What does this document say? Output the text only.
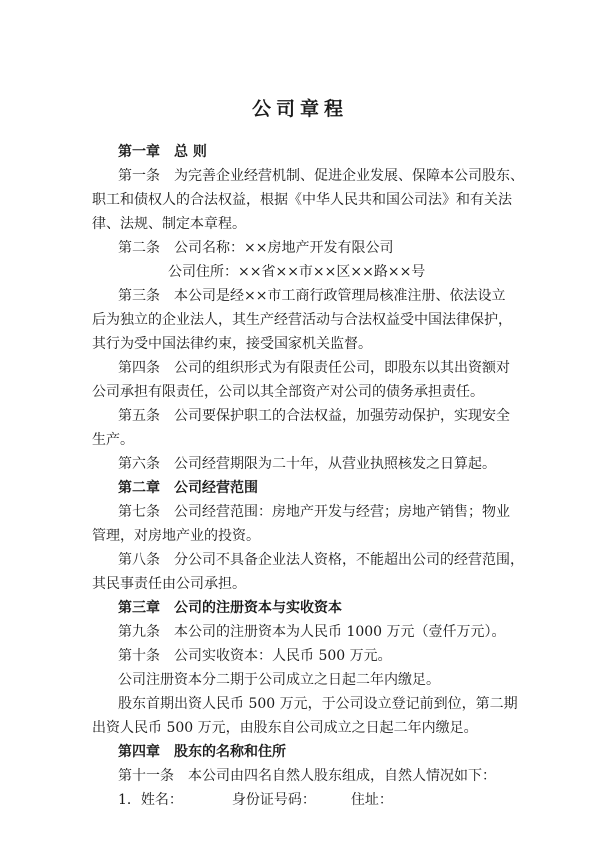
公司章程
第一章　总 则
第一条　为完善企业经营机制、促进企业发展、保障本公司股东、
职工和债权人的合法权益，根据《中华人民共和国公司法》和有关法
律、法规、制定本章程。
第二条　公司名称：××房地产开发有限公司
公司住所：××省××市××区××路××号
第三条　本公司是经××市工商行政管理局核准注册、依法设立
后为独立的企业法人，其生产经营活动与合法权益受中国法律保护，
其行为受中国法律约束，接受国家机关监督。
第四条　公司的组织形式为有限责任公司，即股东以其出资额对
公司承担有限责任，公司以其全部资产对公司的债务承担责任。
第五条　公司要保护职工的合法权益，加强劳动保护，实现安全
生产。
第六条　公司经营期限为二十年，从营业执照核发之日算起。
第二章　公司经营范围
第七条　公司经营范围：房地产开发与经营；房地产销售；物业
管理，对房地产业的投资。
第八条　分公司不具备企业法人资格，不能超出公司的经营范围，
其民事责任由公司承担。
第三章　公司的注册资本与实收资本
第九条　本公司的注册资本为人民币 1000 万元（壹仟万元）。
第十条　公司实收资本：人民币 500 万元。
公司注册资本分二期于公司成立之日起二年内缴足。
股东首期出资人民币 500 万元，于公司设立登记前到位，第二期
出资人民币 500 万元，由股东自公司成立之日起二年内缴足。
第四章　股东的名称和住所
第十一条　本公司由四名自然人股东组成，自然人情况如下：
1．姓名：　　　　身份证号码：　　　住址：
